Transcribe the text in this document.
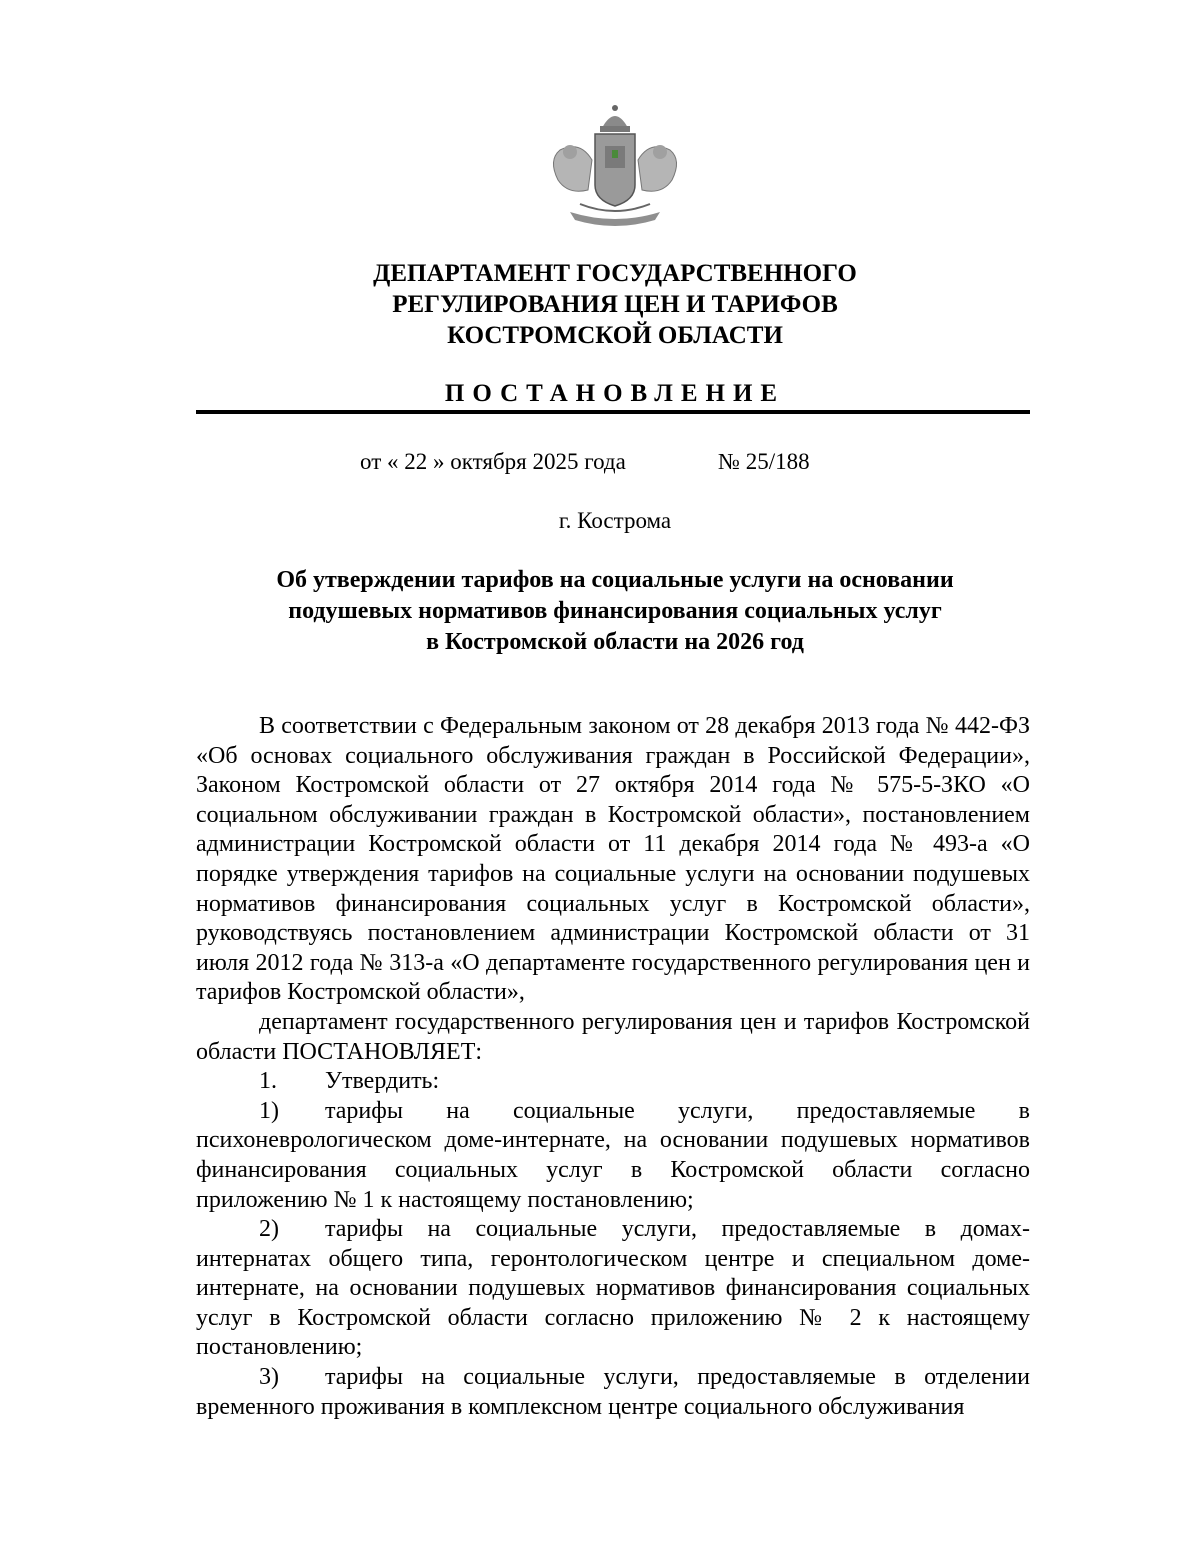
ДЕПАРТАМЕНТ ГОСУДАРСТВЕННОГО
РЕГУЛИРОВАНИЯ ЦЕН И ТАРИФОВ
КОСТРОМСКОЙ ОБЛАСТИ
ПОСТАНОВЛЕНИЕ
от « 22 » октября 2025 года	№ 25/188
г. Кострома
Об утверждении тарифов на социальные услуги на основании
подушевых нормативов финансирования социальных услуг
в Костромской области на 2026 год

В соответствии с Федеральным законом от 28 декабря 2013 года № 442-ФЗ «Об основах социального обслуживания граждан в Российской Федерации», Законом Костромской области от 27 октября 2014 года № 575-5-ЗКО «О социальном обслуживании граждан в Костромской области», постановлением администрации Костромской области от 11 декабря 2014 года № 493-а «О порядке утверждения тарифов на социальные услуги на основании подушевых нормативов финансирования социальных услуг в Костромской области», руководствуясь постановлением администрации Костромской области от 31 июля 2012 года № 313-а «О департаменте государственного регулирования цен и тарифов Костромской области»,

департамент государственного регулирования цен и тарифов Костромской области ПОСТАНОВЛЯЕТ:

1. Утвердить:

1) тарифы на социальные услуги, предоставляемые в психоневрологическом доме-интернате, на основании подушевых нормативов финансирования социальных услуг в Костромской области согласно приложению № 1 к настоящему постановлению;

2) тарифы на социальные услуги, предоставляемые в домах-интернатах общего типа, геронтологическом центре и специальном доме-интернате, на основании подушевых нормативов финансирования социальных услуг в Костромской области согласно приложению № 2 к настоящему постановлению;

3) тарифы на социальные услуги, предоставляемые в отделении временного проживания в комплексном центре социального обслуживания
